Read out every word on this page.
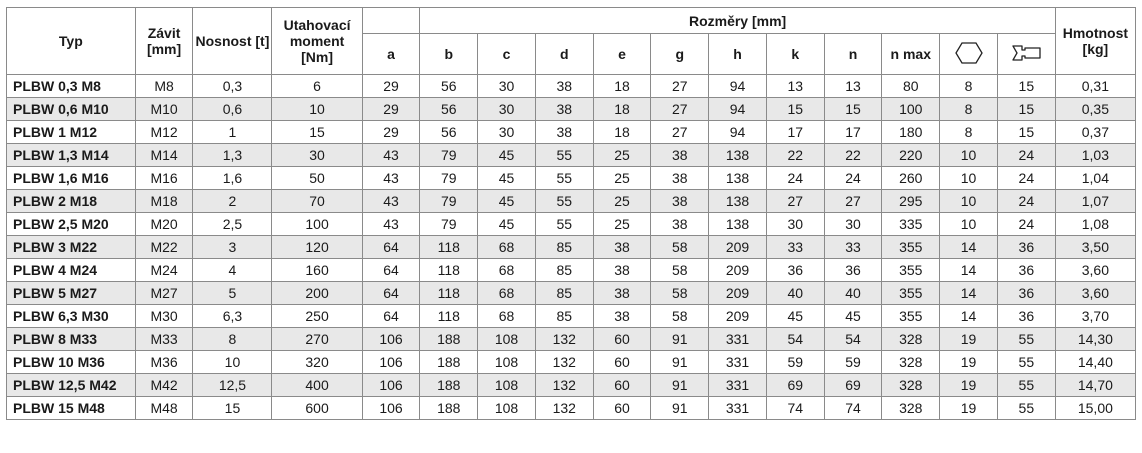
Typ	Závit [mm]	Nosnost [t]	Utahovací moment [Nm]		Rozměry [mm]											Hmotnost [kg]
				a	b	c	d	e	g	h	k	n	n max		
PLBW 0,3 M8	M8	0,3	6	29	56	30	38	18	27	94	13	13	80	8	15	0,31
PLBW 0,6 M10	M10	0,6	10	29	56	30	38	18	27	94	15	15	100	8	15	0,35
PLBW 1 M12	M12	1	15	29	56	30	38	18	27	94	17	17	180	8	15	0,37
PLBW 1,3 M14	M14	1,3	30	43	79	45	55	25	38	138	22	22	220	10	24	1,03
PLBW 1,6 M16	M16	1,6	50	43	79	45	55	25	38	138	24	24	260	10	24	1,04
PLBW 2 M18	M18	2	70	43	79	45	55	25	38	138	27	27	295	10	24	1,07
PLBW 2,5 M20	M20	2,5	100	43	79	45	55	25	38	138	30	30	335	10	24	1,08
PLBW 3 M22	M22	3	120	64	118	68	85	38	58	209	33	33	355	14	36	3,50
PLBW 4 M24	M24	4	160	64	118	68	85	38	58	209	36	36	355	14	36	3,60
PLBW 5 M27	M27	5	200	64	118	68	85	38	58	209	40	40	355	14	36	3,60
PLBW 6,3 M30	M30	6,3	250	64	118	68	85	38	58	209	45	45	355	14	36	3,70
PLBW 8 M33	M33	8	270	106	188	108	132	60	91	331	54	54	328	19	55	14,30
PLBW 10 M36	M36	10	320	106	188	108	132	60	91	331	59	59	328	19	55	14,40
PLBW 12,5 M42	M42	12,5	400	106	188	108	132	60	91	331	69	69	328	19	55	14,70
PLBW 15 M48	M48	15	600	106	188	108	132	60	91	331	74	74	328	19	55	15,00
